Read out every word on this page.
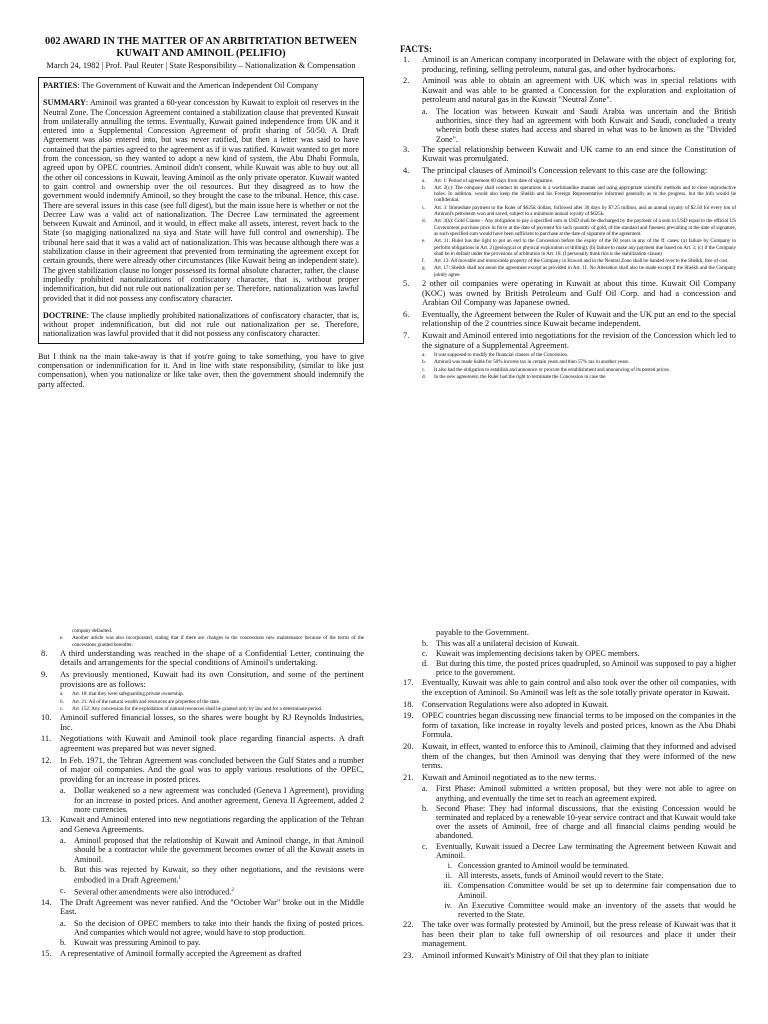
002 AWARD IN THE MATTER OF AN ARBITRTATION BETWEEN
KUWAIT AND AMINOIL (PELIFIO)
March 24, 1982 | Prof. Paul Reuter | State Responsibility – Nationalization & Compensation

PARTIES: The Government of Kuwait and the American Independent Oil Company

SUMMARY: Aminoil was granted a 60-year concession by Kuwait to exploit oil reserves in the Neutral Zone. The Concession Agreement contained a stabilization clause that prevented Kuwait from unilaterally annulling the terms. Eventually, Kuwait gained independence from UK and it entered into a Supplemental Concession Agreement of profit sharing of 50/50. A Draft Agreement was also entered into, but was never ratified, but then a letter was said to have contained that the parties agreed to the agreement as if it was ratified. Kuwait wanted to get more from the concession, so they wanted to adopt a new kind of system, the Abu Dhabi Formula, agreed upon by OPEC countries. Aminoil didn't consent, while Kuwait was able to buy out all the other oil concessions in Kuwait, leaving Aminoil as the only private operator. Kuwait wanted to gain control and ownership over the oil resources. But they disagreed as to how the government would indemnify Aminoil, so they brought the case to the tribunal. Hence, this case. There are several issues in this case (see full digest), but the main issue here is whether or not the Decree Law was a valid act of nationalization. The Decree Law terminated the agreement between Kuwait and Aminoil, and it would, in effect make all assets, interest, revert back to the State (so magiging nationalized na siya and State will have full control and ownership). The tribunal here said that it was a valid act of nationalization. This was because although there was a stabilization clause in their agreement that prevented from terminating the agreement except for certain grounds, there were already other circumstances (like Kuwait being an independent state). The given stabilization clause no longer possessed its formal absolute character, rather, the clause impliedly prohibited nationalizations of confiscatory character, that is, without proper indemnification, but did not rule out nationalization per se. Therefore, nationalization was lawful provided that it did not possess any confiscatory character.

DOCTRINE: The clause impliedly prohibited nationalizations of confiscatory character, that is, without proper indemnification, but did not rule out nationalization per se. Therefore, nationalization was lawful provided that it did not possess any confiscatory character.

But I think na the main take-away is that if you're going to take something, you have to give compensation or indemnification for it. And in line with state responsibility, (similar to like just compensation), when you nationalize or like take over, then the government should indemnify the party affected.

FACTS:
1. Aminoil is an American company incorporated in Delaware with the object of exploring for, producing, refining, selling petroleum, natural gas, and other hydrocarbons.
2. Aminoil was able to obtain an agreement with UK which was in special relations with Kuwait and was able to be granted a Concession for the exploration and exploitation of petroleum and natural gas in the Kuwait "Neutral Zone".
a. The location was between Kuwait and Saudi Arabia was uncertain and the British authorities, since they had an agreement with both Kuwait and Saudi, concluded a treaty wherein both these states had access and shared in what was to be known as the "Divided Zone".
3. The special relationship between Kuwait and UK came to an end since the Constitution of Kuwait was promulgated.
4. The principal clauses of Aminoil's Concession relevant to this case are the following:
a. Art. 1: Period of agreement 60 days from date of signature.
b. Art. 2(c): The company shall conduct its operations in a workmanlike manner and using appropriate scientific methods and to close unproductive holes. In addition, would also keep the Sheikh and his Foreign Representative informed generally as to the progress, but the info would be confidential.
c. Art. 3: Immediate payment to the Ruler of $625k dollars, followed after 30 days by $7.25 million, and an annual royalty of $2.50 for every ton of Aminoil's petroleum won and saved, subject to a minimum annual royalty of $625k.
d. Art. 3(h): Gold Clause – Any obligation to pay a specified sum in USD shall be discharged by the payment of a sum in USD equal to the official US Government purchase price in force at the date of payment for such quantity of gold, of the standard and fineness prevailing at the date of signature, as such specified sum would have been sufficient to purchase at the date of signature of the agreement.
e. Art. 11: Ruler has the right to put an end to the Concession before the expiry of the 60 years in any of the ff. cases: (a) failure by Company to perform obligations in Art. 2 (geological or physical exploration or drilling); (b) failure to make any payment due based on Art. 3; (c) if the Company shall be in default under the provisions of arbitration in Art. 18. (I personally think this is the stabilization clause)
f. Art. 13: All movable and immovable property of the Company in Kuwait and in the Neutral Zone shall be handed over to the Sheikh, free of cost.
g. Art. 17: Sheikh shall not annul the agreement except as provided in Art. 11. No Alteration shall also be made except if the Sheikh and the Company jointly agree.
5. 2 other oil companies were operating in Kuwait at about this time. Kuwait Oil Company (KOC) was owned by British Petroleum and Gulf Oil Corp. and had a concession and Arabian Oil Company was Japanese owned.
6. Eventually, the Agreement between the Ruler of Kuwait and the UK put an end to the special relationship of the 2 countries since Kuwait became independent.
7. Kuwait and Aminoil entered into negotiations for the revision of the Concession which led to the signature of a Supplemental Agreement.
a. It was supposed to modify the financial clauses of the Concession.
b. Aminoil was made liable for 50% income tax in certain years and then 57% tax in another years.
c. It also had the obligation to establish and announce or procure the establishment and announcing of its posted prices.
d. In the new agreement, the Ruler had the right to terminate the Concession in case the
company defaulted.
e. Another article was also incorporated, stating that if there are changes in the concessions new maintenance because of the terms of the concessions granted hereafter.
8. A third understanding was reached in the shape of a Confidential Letter, continuing the details and arrangements for the special conditions of Aminoil's undertaking.
9. As previously mentioned, Kuwait had its own Consitution, and some of the pertinent provisions are as follows:
a. Art. 18: that they were safeguarding private ownership.
b. Art. 21: All of the natural wealth and resources are properties of the state.
c. Art. 152: Any concession for the exploitation of natural resources shall be granted only by law and for a determinate period.
10. Aminoil suffered financial losses, so the shares were bought by RJ Reynolds Industries, Inc.
11. Negotiations with Kuwait and Aminoil took place regarding financial aspects. A draft agreement was prepared but was never signed.
12. In Feb. 1971, the Tehran Agreement was concluded between the Gulf States and a number of major oil companies. And the goal was to apply various resolutions of the OPEC, providing for an increase in posted prices.
a. Dollar weakened so a new agreement was concluded (Geneva I Agreement), providing for an increase in posted prices. And another agreement, Geneva II Agreement, added 2 more currencies.
13. Kuwait and Aminoil entered into new negotiations regarding the application of the Tehran and Geneva Agreements.
a. Aminoil proposed that the relationship of Kuwait and Aminoil change, in that Aminoil should be a contractor while the government becomes owner of all the Kuwait assets in Aminoil.
b. But this was rejected by Kuwait, so they other negotiations, and the revisions were embodied in a Draft Agreement.$^1$
c. Several other amendments were also introduced.$^2$
14. The Draft Agreement was never ratified. And the "October War" broke out in the Middle East.
a. So the decision of OPEC members to take into their hands the fixing of posted prices. And companies which would not agree, would have to stop production.
b. Kuwait was pressuring Aminoil to pay.
15. A representative of Aminoil formally accepted the Agreement as drafted
payable to the Government.
b. This was all a unilateral decision of Kuwait.
c. Kuwait was implementing decisions taken by OPEC members.
d. But during this time, the posted prices quadrupled, so Aminoil was supposed to pay a higher price to the government.
17. Eventually, Kuwait was able to gain control and also took over the other oil companies, with the exception of Aminoil. So Aminoil was left as the sole totally private operator in Kuwait.
18. Conservation Regulations were also adopted in Kuwait.
19. OPEC countries began discussing new financial terms to be imposed on the companies in the form of taxation, like increase in royalty levels and posted prices, known as the Abu Dhabi Formula.
20. Kuwait, in effect, wanted to enforce this to Aminoil, claiming that they informed and advised them of the changes, but then Aminoil was denying that they were informed of the new terms.
21. Kuwait and Aminoil negotiated as to the new terms.
a. First Phase: Aminoil submitted a written proposal, but they were not able to agree on anything, and eventually the time set to reach an agreement expired.
b. Second Phase: They had informal discussions, that the existing Concession would be terminated and replaced by a renewable 10-year service contract and that Kuwait would take over the assets of Aminoil, free of charge and all financial claims pending would be abandoned.
c. Eventually, Kuwait issued a Decree Law terminating the Agreement between Kuwait and Aminoil.
i. Concession granted to Aminoil would be terminated.
ii. All interests, assets, funds of Aminoil would revert to the State.
iii. Compensation Committee would be set up to determine fair compensation due to Aminoil.
iv. An Executive Committee would make an inventory of the assets that would be reverted to the State.
22. The take over was formally protested by Aminoil, but the press release of Kuwait was that it has been their plan to take full ownership of oil resources and place it under their management.
23. Aminoil informed Kuwait's Ministry of Oil that they plan to initiate
